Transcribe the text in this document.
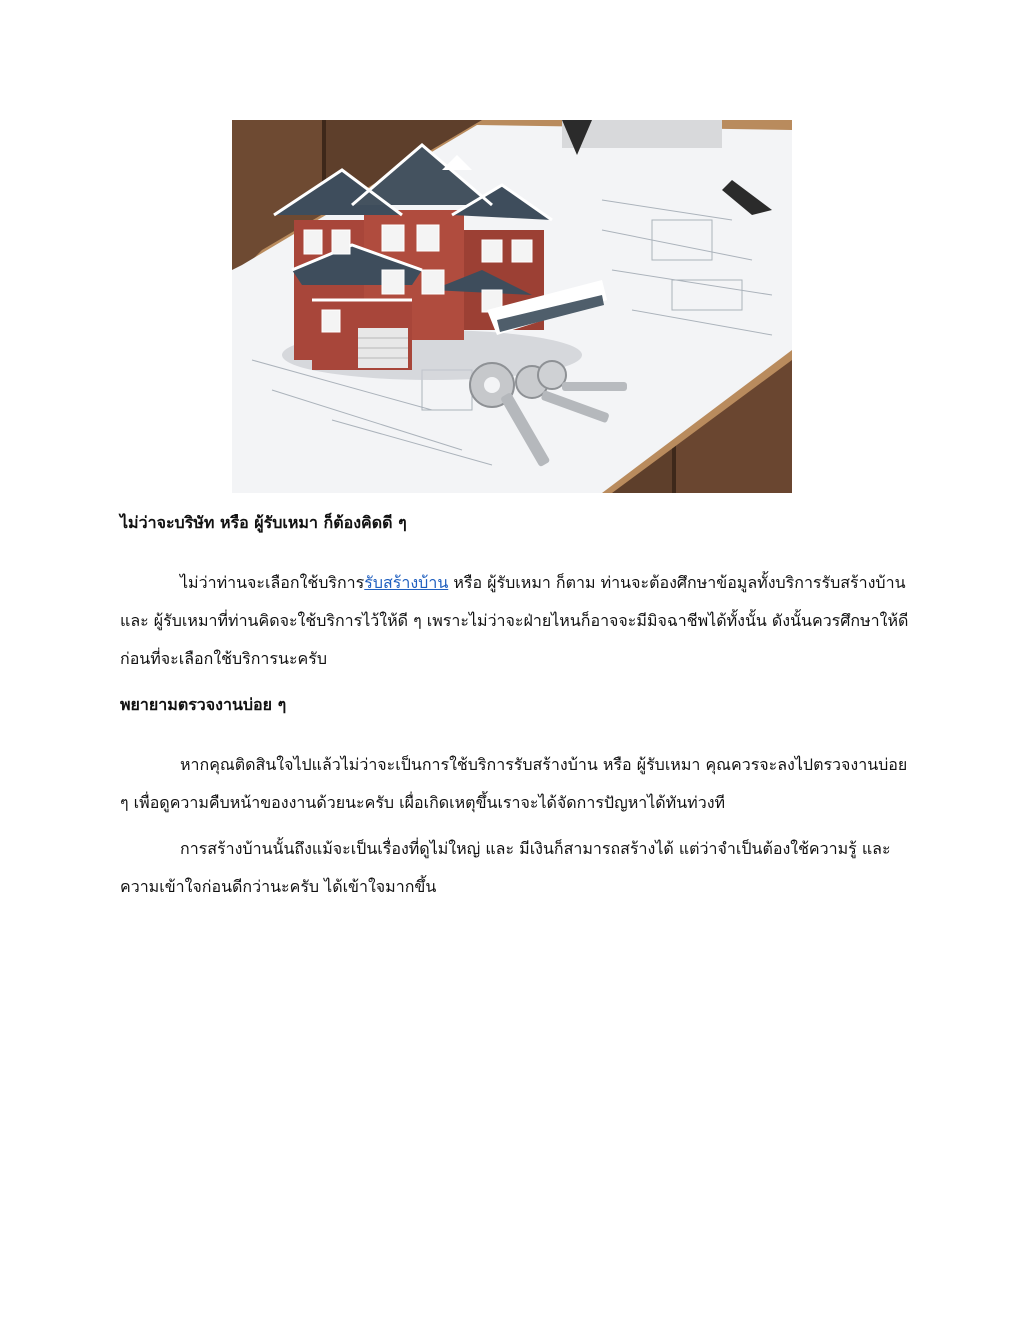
ไม่ว่าจะบริษัท หรือ ผู้รับเหมา ก็ต้องคิดดี ๆ

ไม่ว่าท่านจะเลือกใช้บริการรับสร้างบ้าน หรือ ผู้รับเหมา ก็ตาม ท่านจะต้องศึกษาข้อมูลทั้งบริการรับสร้างบ้าน และ ผู้รับเหมาที่ท่านคิดจะใช้บริการไว้ให้ดี ๆ เพราะไม่ว่าจะฝ่ายไหนก็อาจจะมีมิจฉาชีพได้ทั้งนั้น ดังนั้นควรศึกษาให้ดีก่อนที่จะเลือกใช้บริการนะครับ

พยายามตรวจงานบ่อย ๆ

หากคุณติดสินใจไปแล้วไม่ว่าจะเป็นการใช้บริการรับสร้างบ้าน หรือ ผู้รับเหมา คุณควรจะลงไปตรวจงานบ่อย ๆ เพื่อดูความคืบหน้าของงานด้วยนะครับ เผื่อเกิดเหตุขึ้นเราจะได้จัดการปัญหาได้ทันท่วงที

การสร้างบ้านนั้นถึงแม้จะเป็นเรื่องที่ดูไม่ใหญ่ และ มีเงินก็สามารถสร้างได้ แต่ว่าจำเป็นต้องใช้ความรู้ และ ความเข้าใจก่อนดีกว่านะครับ ได้เข้าใจมากขึ้น
